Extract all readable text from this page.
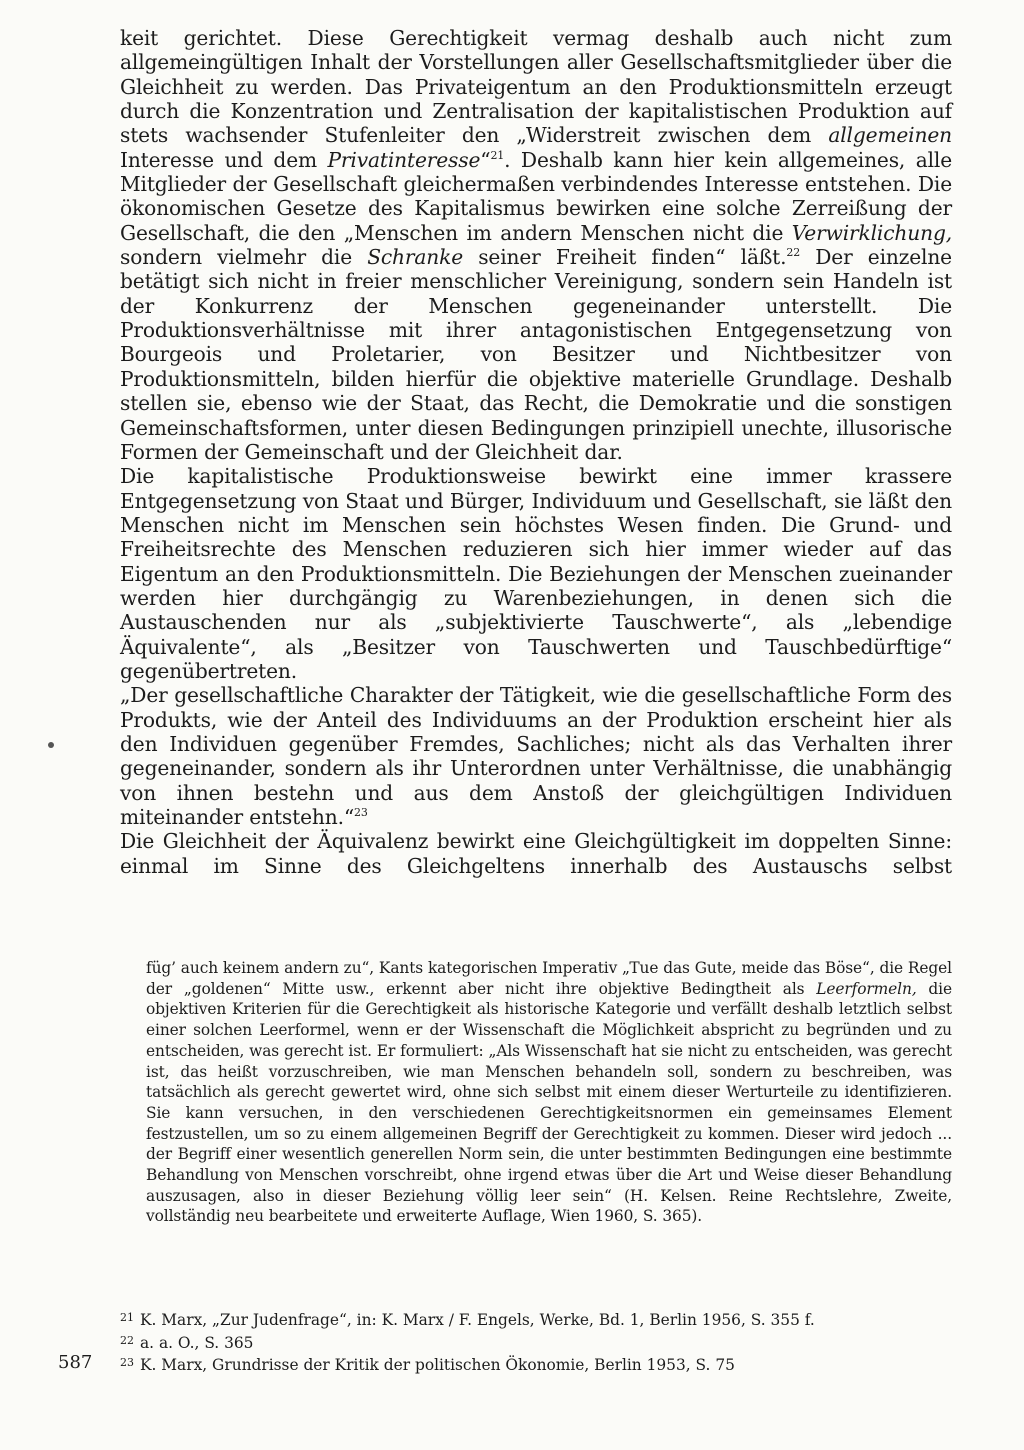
keit gerichtet. Diese Gerechtigkeit vermag deshalb auch nicht zum allgemeingültigen Inhalt der Vorstellungen aller Gesellschaftsmitglieder über die Gleichheit zu werden. Das Privateigentum an den Produktionsmitteln erzeugt durch die Konzentration und Zentralisation der kapitalistischen Produktion auf stets wachsender Stufenleiter den „Widerstreit zwischen dem allgemeinen Interesse und dem Privatinteresse“$^{21}$. Deshalb kann hier kein allgemeines, alle Mitglieder der Gesellschaft gleichermaßen verbindendes Interesse entstehen. Die ökonomischen Gesetze des Kapitalismus bewirken eine solche Zerreißung der Gesellschaft, die den „Menschen im andern Menschen nicht die Verwirklichung, sondern vielmehr die Schranke seiner Freiheit finden“ läßt.$^{22}$ Der einzelne betätigt sich nicht in freier menschlicher Vereinigung, sondern sein Handeln ist der Konkurrenz der Menschen gegeneinander unterstellt. Die Produktionsverhältnisse mit ihrer antagonistischen Entgegensetzung von Bourgeois und Proletarier, von Besitzer und Nichtbesitzer von Produktionsmitteln, bilden hierfür die objektive materielle Grundlage. Deshalb stellen sie, ebenso wie der Staat, das Recht, die Demokratie und die sonstigen Gemeinschaftsformen, unter diesen Bedingungen prinzipiell unechte, illusorische Formen der Gemeinschaft und der Gleichheit dar.

Die kapitalistische Produktionsweise bewirkt eine immer krassere Entgegensetzung von Staat und Bürger, Individuum und Gesellschaft, sie läßt den Menschen nicht im Menschen sein höchstes Wesen finden. Die Grund- und Freiheitsrechte des Menschen reduzieren sich hier immer wieder auf das Eigentum an den Produktionsmitteln. Die Beziehungen der Menschen zueinander werden hier durchgängig zu Warenbeziehungen, in denen sich die Austauschenden nur als „subjektivierte Tauschwerte“, als „lebendige Äquivalente“, als „Besitzer von Tauschwerten und Tauschbedürftige“ gegenübertreten.

„Der gesellschaftliche Charakter der Tätigkeit, wie die gesellschaftliche Form des Produkts, wie der Anteil des Individuums an der Produktion erscheint hier als den Individuen gegenüber Fremdes, Sachliches; nicht als das Verhalten ihrer gegeneinander, sondern als ihr Unterordnen unter Verhältnisse, die unabhängig von ihnen bestehn und aus dem Anstoß der gleichgültigen Individuen miteinander entstehn.“$^{23}$

Die Gleichheit der Äquivalenz bewirkt eine Gleichgültigkeit im doppelten Sinne: einmal im Sinne des Gleichgeltens innerhalb des Austauschs selbst

füg’ auch keinem andern zu“, Kants kategorischen Imperativ „Tue das Gute, meide das Böse“, die Regel der „goldenen“ Mitte usw., erkennt aber nicht ihre objektive Bedingtheit als Leerformeln, die objektiven Kriterien für die Gerechtigkeit als historische Kategorie und verfällt deshalb letztlich selbst einer solchen Leerformel, wenn er der Wissenschaft die Möglichkeit abspricht zu begründen und zu entscheiden, was gerecht ist. Er formuliert: „Als Wissenschaft hat sie nicht zu entscheiden, was gerecht ist, das heißt vorzuschreiben, wie man Menschen behandeln soll, sondern zu beschreiben, was tatsächlich als gerecht gewertet wird, ohne sich selbst mit einem dieser Werturteile zu identifizieren. Sie kann versuchen, in den verschiedenen Gerechtigkeitsnormen ein gemeinsames Element festzustellen, um so zu einem allgemeinen Begriff der Gerechtigkeit zu kommen. Dieser wird jedoch ... der Begriff einer wesentlich generellen Norm sein, die unter bestimmten Bedingungen eine bestimmte Behandlung von Menschen vorschreibt, ohne irgend etwas über die Art und Weise dieser Behandlung auszusagen, also in dieser Beziehung völlig leer sein“ (H. Kelsen. Reine Rechtslehre, Zweite, vollständig neu bearbeitete und erweiterte Auflage, Wien 1960, S. 365).

$^{21}$ K. Marx, „Zur Judenfrage“, in: K. Marx / F. Engels, Werke, Bd. 1, Berlin 1956, S. 355 f.

$^{22}$ a. a. O., S. 365

$^{23}$ K. Marx, Grundrisse der Kritik der politischen Ökonomie, Berlin 1953, S. 75

587
